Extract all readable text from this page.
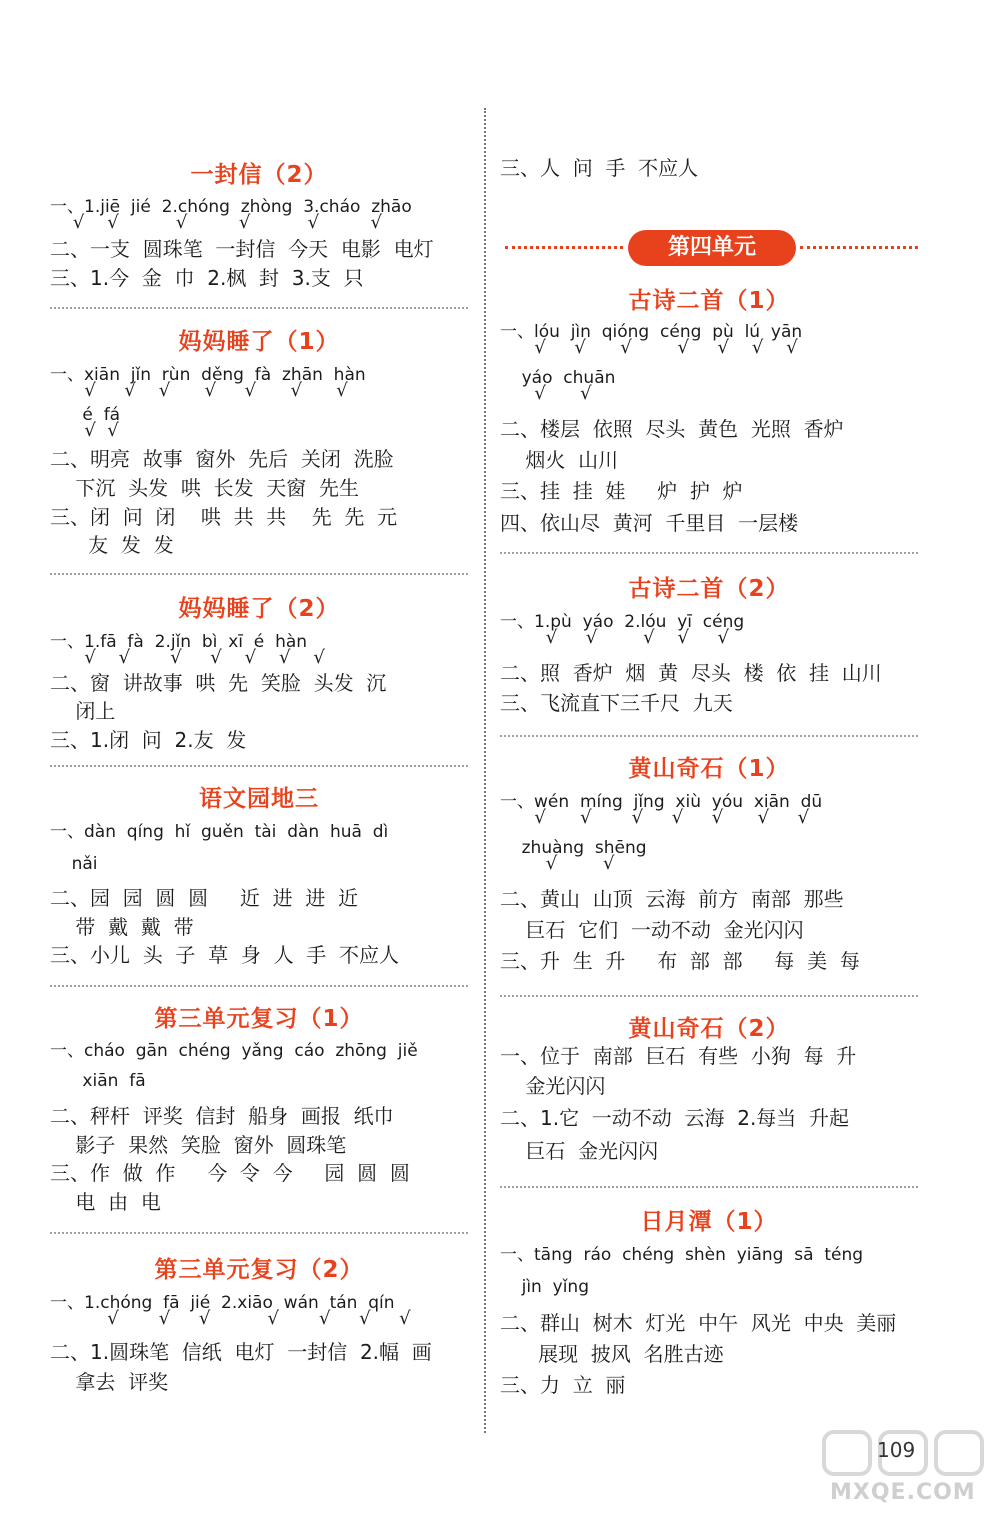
一封信（2）
一、1.jiē  jié  2.chóng  zhòng  3.cháo  zhāo
√    √          √         √          √         √
二、一支  圆珠笔  一封信  今天  电影  电灯
三、1.今  金  巾  2.枫  封  3.支  只
妈妈睡了（1）
一、xiān  jǐn  rùn  děng  fà  zhān  hàn
√     √    √      √     √      √      √
é  fá
√  √
二、明亮  故事  窗外  先后  关闭  洗脸
下沉  头发  哄  长发  天窗  先生
三、闭  问  闭    哄  共  共    先  先  元
友  发  发
妈妈睡了（2）
一、1.fā  fà  2.jǐn  bì  xī  é  hàn
√    √       √     √    √    √    √
二、窗  讲故事  哄  先  笑脸  头发  沉
闭上
三、1.闭  问  2.友  发
语文园地三
一、dàn  qíng  hǐ  guěn  tài  dàn  huā  dì
nǎi
二、园  园  圆  圆     近  进  进  近
带  戴  戴  带
三、小儿  头  子  草  身  人  手  不应人
第三单元复习（1）
一、cháo  gān  chéng  yǎng  cáo  zhōng  jiě
xiān  fā
二、秤杆  评奖  信封  船身  画报  纸巾
影子  果然  笑脸  窗外  圆珠笔
三、作  做  作     今  令  今     园  圆  圆
电  由  电
第三单元复习（2）
一、1.chóng  fā  jié  2.xiāo  wán  tán  qín
√       √     √          √       √     √     √
二、1.圆珠笔  信纸  电灯  一封信  2.幅  画
拿去  评奖
三、人  问  手  不应人
第四单元
古诗二首（1）
一、lóu  jìn  qióng  céng  pù  lú  yān
√     √      √        √     √    √    √
yáo  chuān
√      √
二、楼层  依照  尽头  黄色  光照  香炉
烟火  山川
三、挂  挂  娃     炉  护  炉
四、依山尽  黄河  千里目  一层楼
古诗二首（2）
一、1.pù  yáo  2.lóu  yī  céng
√     √        √    √     √
二、照  香炉  烟  黄  尽头  楼  依  挂  山川
三、飞流直下三千尺  九天
黄山奇石（1）
一、wén  míng  jǐng  xiù  yóu  xiān  dū
√      √       √     √     √      √     √
zhuàng  shēng
√        √
二、黄山  山顶  云海  前方  南部  那些
巨石  它们  一动不动  金光闪闪
三、升  生  升     布  部  部     每  美  每
黄山奇石（2）
一、位于  南部  巨石  有些  小狗  每  升
金光闪闪
二、1.它  一动不动  云海  2.每当  升起
巨石  金光闪闪
日月潭（1）
一、tāng  ráo  chéng  shèn  yiāng  sā  téng
jìn  yǐng
二、群山  树木  灯光  中午  风光  中央  美丽
展现  披风  名胜古迹
三、力  立  丽
MXQE.COM
109
